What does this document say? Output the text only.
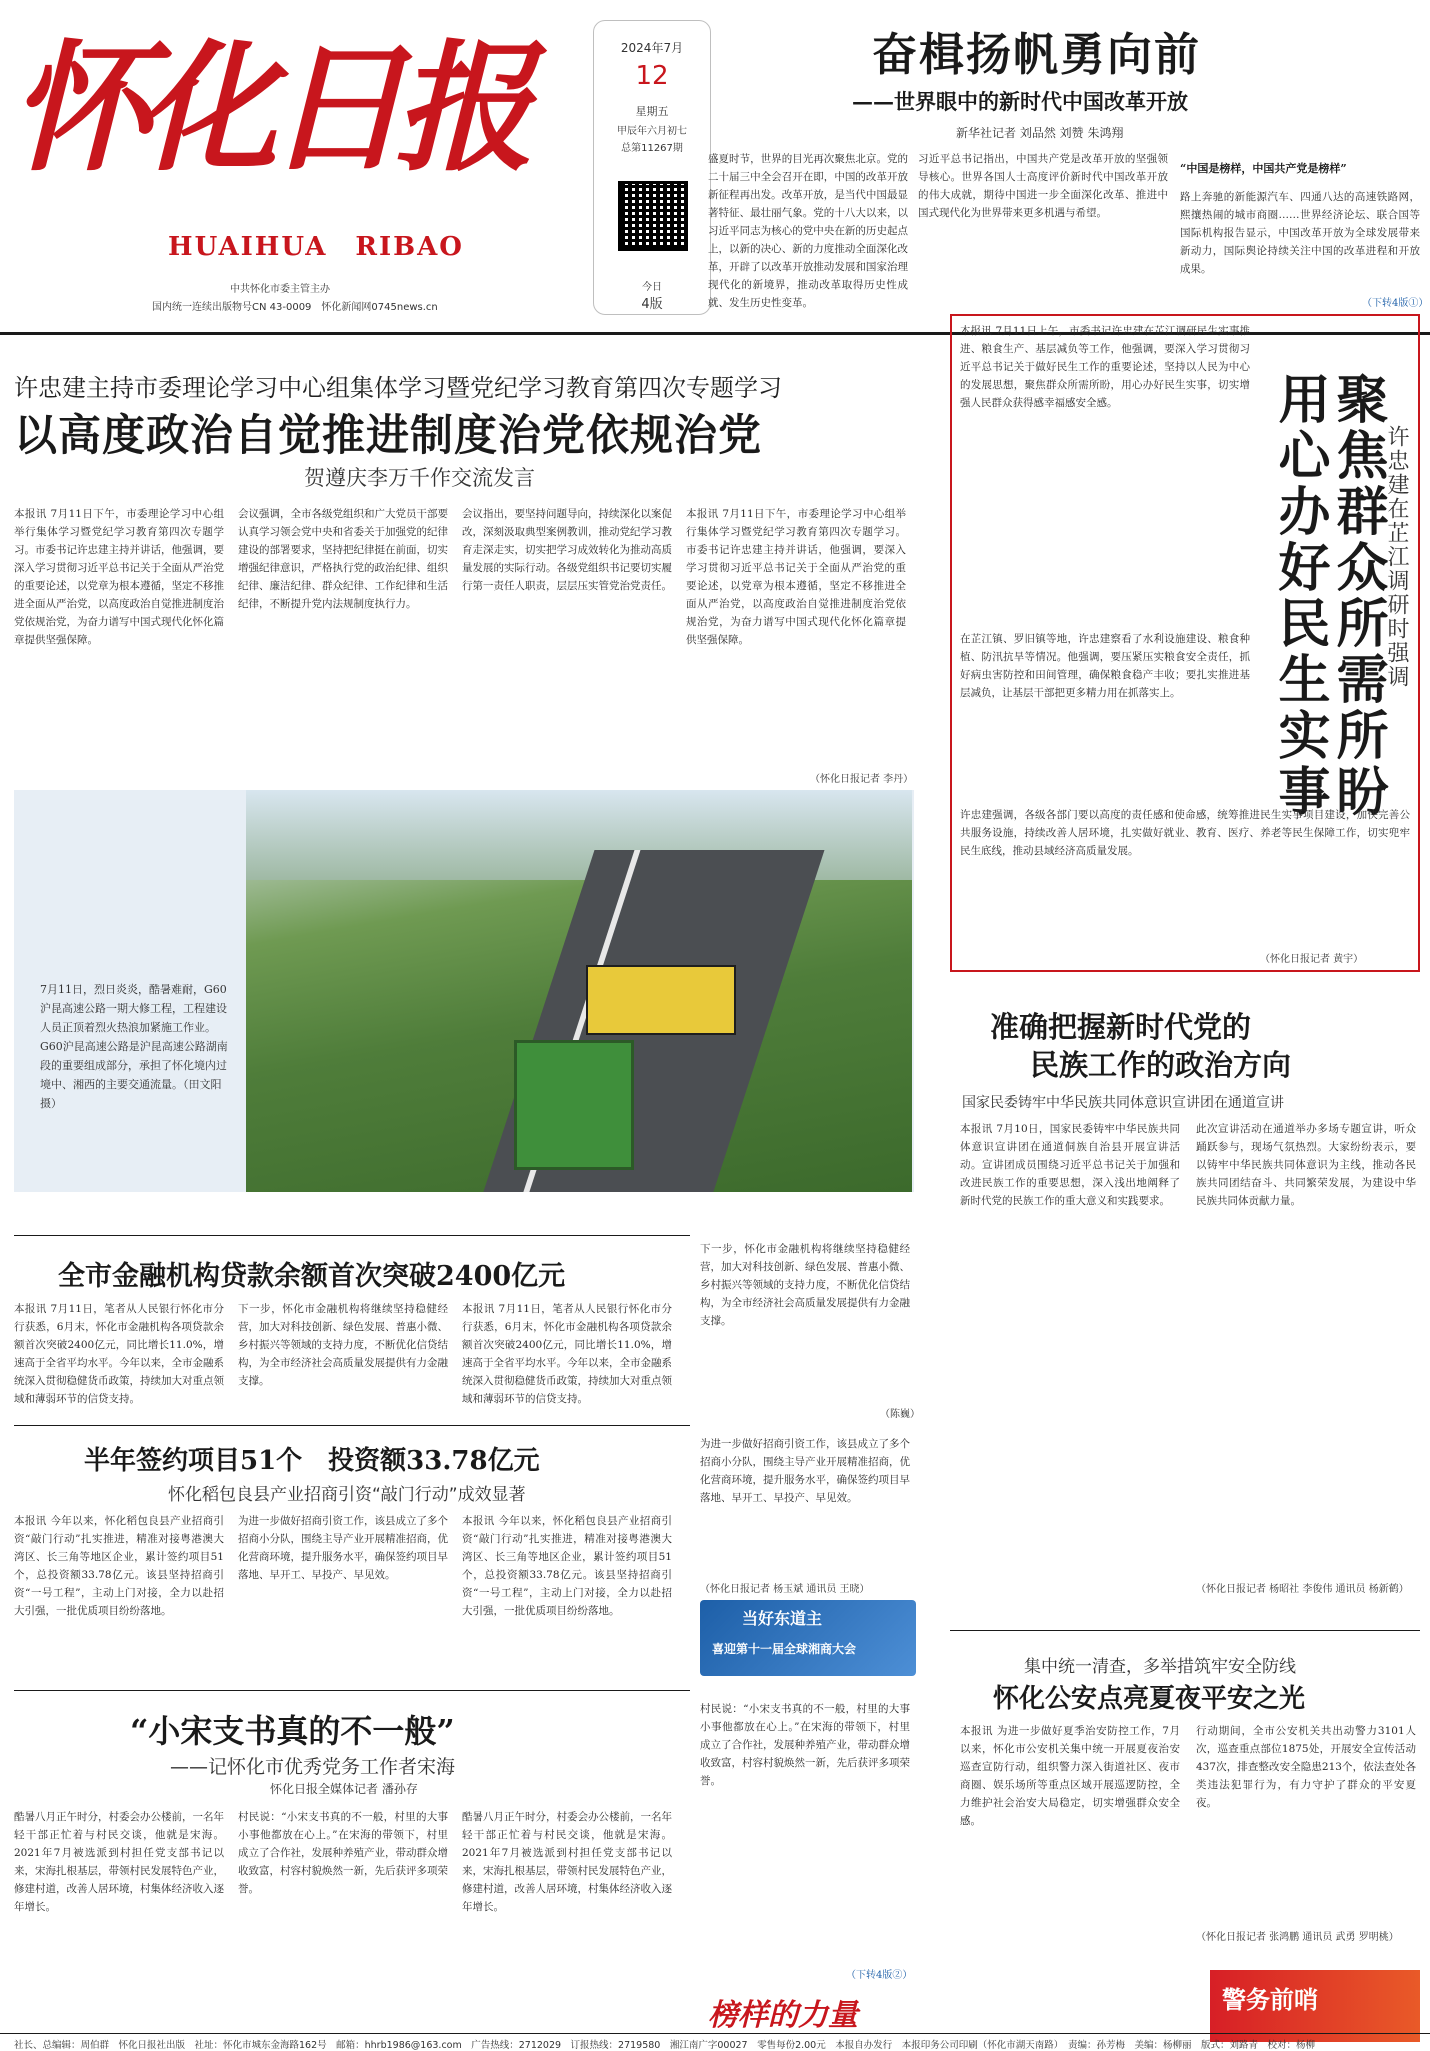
怀化日报
HUAIHUA　RIBAO
中共怀化市委主管主办
国内统一连续出版物号CN 43-0009　怀化新闻网0745news.cn
2024年7月
12
星期五
甲辰年六月初七
总第11267期
今日
4版
奋楫扬帆勇向前
——世界眼中的新时代中国改革开放
新华社记者 刘品然 刘赞 朱鸿翔
盛夏时节，世界的目光再次聚焦北京。党的二十届三中全会召开在即，中国的改革开放新征程再出发。改革开放，是当代中国最显著特征、最壮丽气象。党的十八大以来，以习近平同志为核心的党中央在新的历史起点上，以新的决心、新的力度推动全面深化改革，开辟了以改革开放推动发展和国家治理现代化的新境界，推动改革取得历史性成就、发生历史性变革。
习近平总书记指出，中国共产党是改革开放的坚强领导核心。世界各国人士高度评价新时代中国改革开放的伟大成就，期待中国进一步全面深化改革、推进中国式现代化为世界带来更多机遇与希望。
“中国是榜样，中国共产党是榜样”
路上奔驰的新能源汽车、四通八达的高速铁路网，熙攘热闹的城市商圈……世界经济论坛、联合国等国际机构报告显示，中国改革开放为全球发展带来新动力，国际舆论持续关注中国的改革进程和开放成果。
（下转4版①）
许忠建主持市委理论学习中心组集体学习暨党纪学习教育第四次专题学习
以高度政治自觉推进制度治党依规治党
贺遵庆李万千作交流发言
本报讯 7月11日下午，市委理论学习中心组举行集体学习暨党纪学习教育第四次专题学习。市委书记许忠建主持并讲话，他强调，要深入学习贯彻习近平总书记关于全面从严治党的重要论述，以党章为根本遵循，坚定不移推进全面从严治党，以高度政治自觉推进制度治党依规治党，为奋力谱写中国式现代化怀化篇章提供坚强保障。
会议强调，全市各级党组织和广大党员干部要认真学习领会党中央和省委关于加强党的纪律建设的部署要求，坚持把纪律挺在前面，切实增强纪律意识，严格执行党的政治纪律、组织纪律、廉洁纪律、群众纪律、工作纪律和生活纪律，不断提升党内法规制度执行力。
会议指出，要坚持问题导向，持续深化以案促改，深刻汲取典型案例教训，推动党纪学习教育走深走实，切实把学习成效转化为推动高质量发展的实际行动。各级党组织书记要切实履行第一责任人职责，层层压实管党治党责任。
本报讯 7月11日下午，市委理论学习中心组举行集体学习暨党纪学习教育第四次专题学习。市委书记许忠建主持并讲话，他强调，要深入学习贯彻习近平总书记关于全面从严治党的重要论述，以党章为根本遵循，坚定不移推进全面从严治党，以高度政治自觉推进制度治党依规治党，为奋力谱写中国式现代化怀化篇章提供坚强保障。
（怀化日报记者 李丹）	聚焦群众所需所盼
用心办好民生实事	许忠建在芷江调研时强调
本报讯 7月11日上午，市委书记许忠建在芷江调研民生实事推进、粮食生产、基层减负等工作，他强调，要深入学习贯彻习近平总书记关于做好民生工作的重要论述，坚持以人民为中心的发展思想，聚焦群众所需所盼，用心办好民生实事，切实增强人民群众获得感幸福感安全感。
在芷江镇、罗旧镇等地，许忠建察看了水利设施建设、粮食种植、防汛抗旱等情况。他强调，要压紧压实粮食安全责任，抓好病虫害防控和田间管理，确保粮食稳产丰收；要扎实推进基层减负，让基层干部把更多精力用在抓落实上。
许忠建强调，各级各部门要以高度的责任感和使命感，统筹推进民生实事项目建设，加快完善公共服务设施，持续改善人居环境，扎实做好就业、教育、医疗、养老等民生保障工作，切实兜牢民生底线，推动县域经济高质量发展。
（怀化日报记者 黄宇）
7月11日，烈日炎炎，酷暑难耐，G60沪昆高速公路一期大修工程，工程建设人员正顶着烈火热浪加紧施工作业。G60沪昆高速公路是沪昆高速公路湖南段的重要组成部分，承担了怀化境内过境中、湘西的主要交通流量。（田文阳 摄）
全市金融机构贷款余额首次突破2400亿元
本报讯 7月11日，笔者从人民银行怀化市分行获悉，6月末，怀化市金融机构各项贷款余额首次突破2400亿元，同比增长11.0%，增速高于全省平均水平。今年以来，全市金融系统深入贯彻稳健货币政策，持续加大对重点领域和薄弱环节的信贷支持。
下一步，怀化市金融机构将继续坚持稳健经营，加大对科技创新、绿色发展、普惠小微、乡村振兴等领域的支持力度，不断优化信贷结构，为全市经济社会高质量发展提供有力金融支撑。
本报讯 7月11日，笔者从人民银行怀化市分行获悉，6月末，怀化市金融机构各项贷款余额首次突破2400亿元，同比增长11.0%，增速高于全省平均水平。今年以来，全市金融系统深入贯彻稳健货币政策，持续加大对重点领域和薄弱环节的信贷支持。
下一步，怀化市金融机构将继续坚持稳健经营，加大对科技创新、绿色发展、普惠小微、乡村振兴等领域的支持力度，不断优化信贷结构，为全市经济社会高质量发展提供有力金融支撑。
（陈巍）
半年签约项目51个　投资额33.78亿元
怀化稻包良县产业招商引资“敲门行动”成效显著
本报讯 今年以来，怀化稻包良县产业招商引资“敲门行动”扎实推进，精准对接粤港澳大湾区、长三角等地区企业，累计签约项目51个，总投资额33.78亿元。该县坚持招商引资“一号工程”，主动上门对接，全力以赴招大引强，一批优质项目纷纷落地。
为进一步做好招商引资工作，该县成立了多个招商小分队，围绕主导产业开展精准招商，优化营商环境，提升服务水平，确保签约项目早落地、早开工、早投产、早见效。
本报讯 今年以来，怀化稻包良县产业招商引资“敲门行动”扎实推进，精准对接粤港澳大湾区、长三角等地区企业，累计签约项目51个，总投资额33.78亿元。该县坚持招商引资“一号工程”，主动上门对接，全力以赴招大引强，一批优质项目纷纷落地。
为进一步做好招商引资工作，该县成立了多个招商小分队，围绕主导产业开展精准招商，优化营商环境，提升服务水平，确保签约项目早落地、早开工、早投产、早见效。
（怀化日报记者 杨玉斌 通讯员 王晓）
当好东道主
喜迎第十一届全球湘商大会
“小宋支书真的不一般”
——记怀化市优秀党务工作者宋海
怀化日报全媒体记者 潘孙存
酷暑八月正午时分，村委会办公楼前，一名年轻干部正忙着与村民交谈，他就是宋海。2021年7月被选派到村担任党支部书记以来，宋海扎根基层，带领村民发展特色产业，修建村道，改善人居环境，村集体经济收入逐年增长。
村民说：“小宋支书真的不一般，村里的大事小事他都放在心上。”在宋海的带领下，村里成立了合作社，发展种养殖产业，带动群众增收致富，村容村貌焕然一新，先后获评多项荣誉。
酷暑八月正午时分，村委会办公楼前，一名年轻干部正忙着与村民交谈，他就是宋海。2021年7月被选派到村担任党支部书记以来，宋海扎根基层，带领村民发展特色产业，修建村道，改善人居环境，村集体经济收入逐年增长。
村民说：“小宋支书真的不一般，村里的大事小事他都放在心上。”在宋海的带领下，村里成立了合作社，发展种养殖产业，带动群众增收致富，村容村貌焕然一新，先后获评多项荣誉。
（下转4版②）
榜样的力量
准确把握新时代党的
民族工作的政治方向
国家民委铸牢中华民族共同体意识宣讲团在通道宣讲
本报讯 7月10日，国家民委铸牢中华民族共同体意识宣讲团在通道侗族自治县开展宣讲活动。宣讲团成员围绕习近平总书记关于加强和改进民族工作的重要思想，深入浅出地阐释了新时代党的民族工作的重大意义和实践要求。
此次宣讲活动在通道举办多场专题宣讲，听众踊跃参与，现场气氛热烈。大家纷纷表示，要以铸牢中华民族共同体意识为主线，推动各民族共同团结奋斗、共同繁荣发展，为建设中华民族共同体贡献力量。
（怀化日报记者 杨昭社 李俊伟 通讯员 杨新鹤）
集中统一清查，多举措筑牢安全防线
怀化公安点亮夏夜平安之光
本报讯 为进一步做好夏季治安防控工作，7月以来，怀化市公安机关集中统一开展夏夜治安巡查宣防行动，组织警力深入街道社区、夜市商圈、娱乐场所等重点区域开展巡逻防控，全力维护社会治安大局稳定，切实增强群众安全感。
行动期间，全市公安机关共出动警力3101人次，巡查重点部位1875处，开展安全宣传活动437次，排查整改安全隐患213个，依法查处各类违法犯罪行为，有力守护了群众的平安夏夜。
（怀化日报记者 张鸿鹏 通讯员 武勇 罗明桃）
警务前哨
社长、总编辑：周伯群　怀化日报社出版　社址：怀化市城东金海路162号　邮箱：hhrb1986@163.com　广告热线：2712029　订报热线：2719580　湘江南广字00027　零售每份2.00元　本报自办发行　本报印务公司印刷（怀化市湖天南路）　责编：孙芳梅　美编：杨柳丽　版式：刘路青　校对：杨柳
